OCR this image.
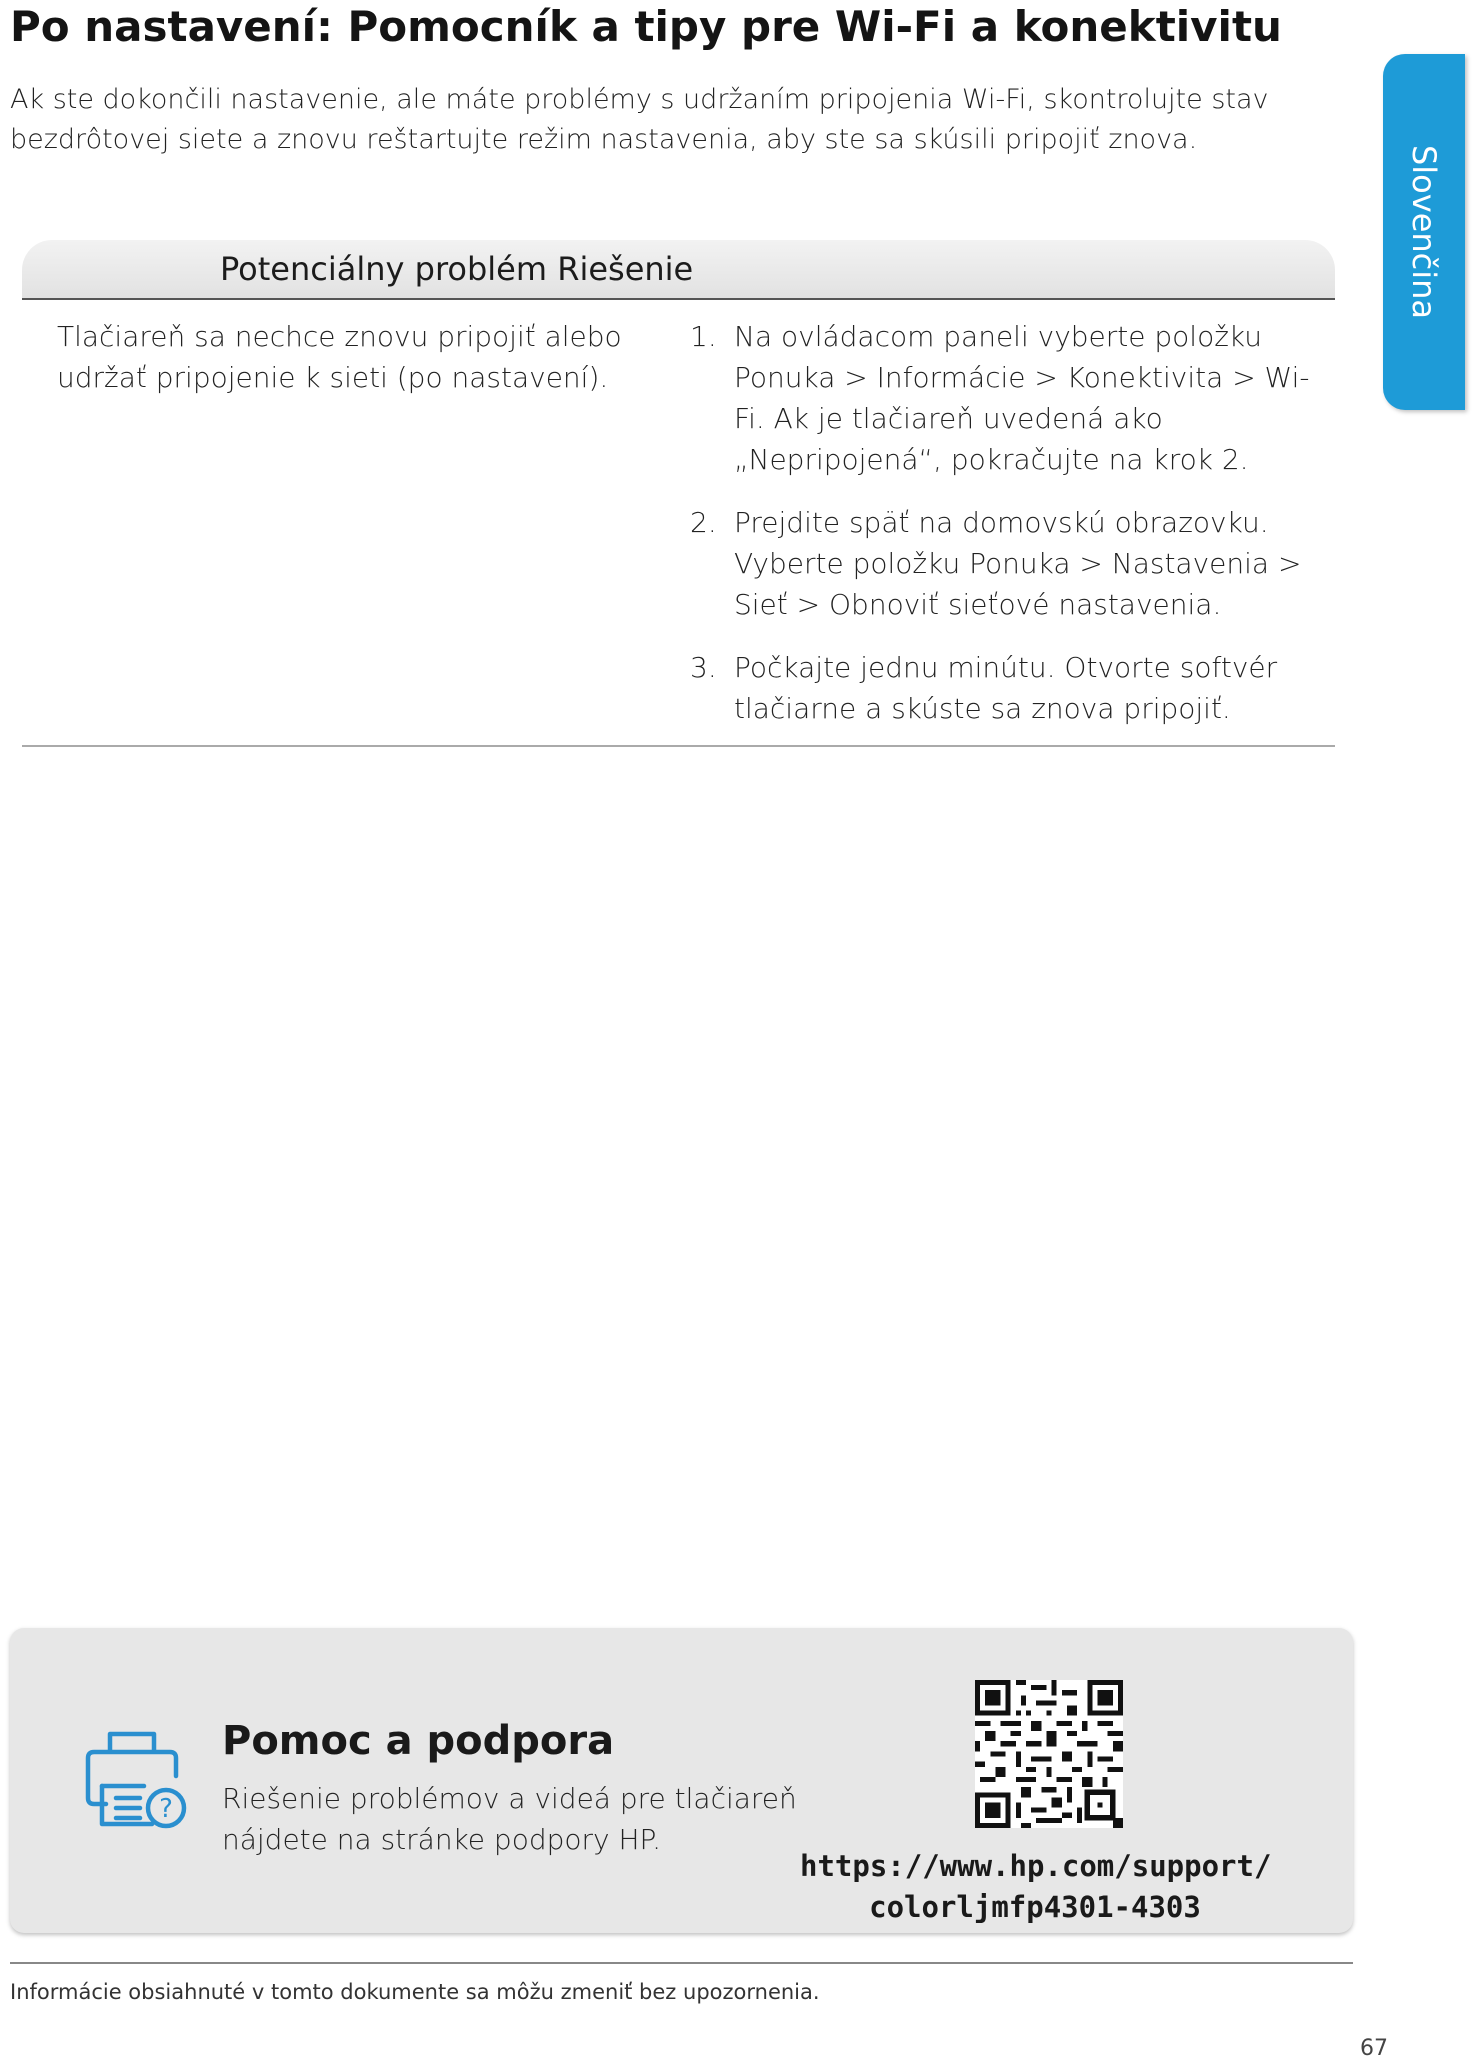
Po nastavení: Pomocník a tipy pre Wi-Fi a konektivitu
Ak ste dokončili nastavenie, ale máte problémy s udržaním pripojenia Wi-Fi, skontrolujte stav bezdrôtovej siete a znovu reštartujte režim nastavenia, aby ste sa skúsili pripojiť znova.
Slovenčina
Potenciálny problém Riešenie
Tlačiareň sa nechce znovu pripojiť alebo udržať pripojenie k sieti (po nastavení).
1. Na ovládacom paneli vyberte položku Ponuka > Informácie > Konektivita > Wi-Fi. Ak je tlačiareň uvedená ako „Nepripojená“, pokračujte na krok 2.
2. Prejdite späť na domovskú obrazovku. Vyberte položku Ponuka > Nastavenia > Sieť > Obnoviť sieťové nastavenia.
3. Počkajte jednu minútu. Otvorte softvér tlačiarne a skúste sa znova pripojiť.
?
Pomoc a podpora
Riešenie problémov a videá pre tlačiareň nájdete na stránke podpory HP.
https://www.hp.com/support/
colorljmfp4301-4303
Informácie obsiahnuté v tomto dokumente sa môžu zmeniť bez upozornenia.
67
